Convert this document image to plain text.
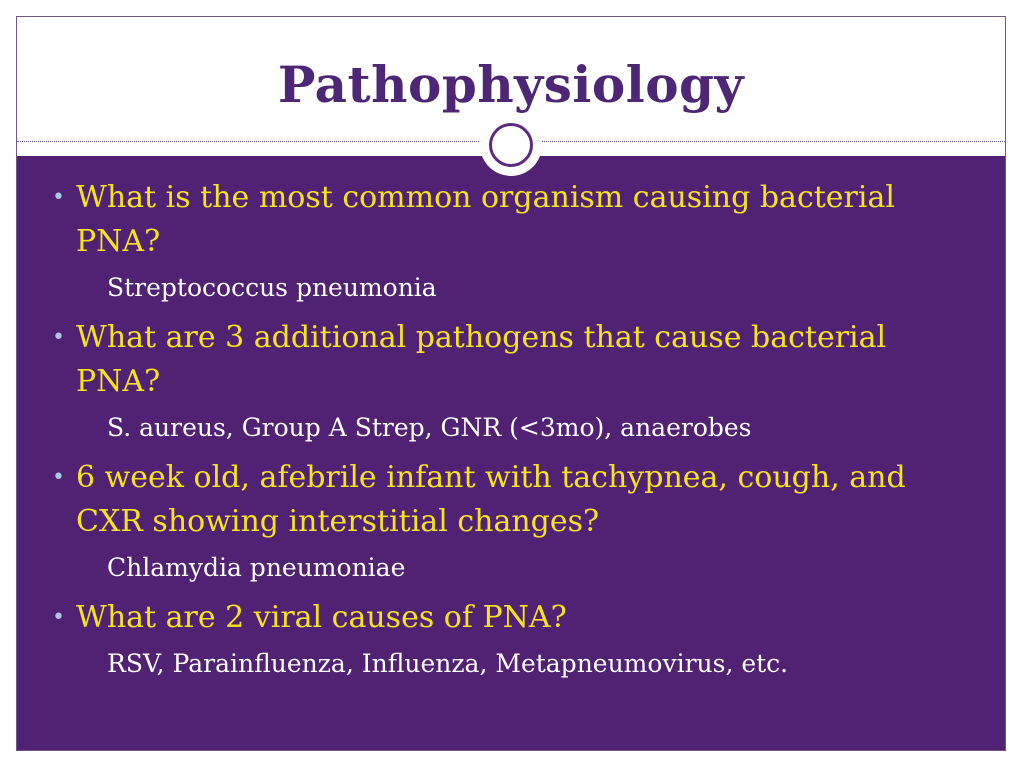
Pathophysiology

• What is the most common organism causing bacterial PNA?

Streptococcus pneumonia

• What are 3 additional pathogens that cause bacterial PNA?

S. aureus, Group A Strep, GNR (<3mo), anaerobes

• 6 week old, afebrile infant with tachypnea, cough, and CXR showing interstitial changes?

Chlamydia pneumoniae

• What are 2 viral causes of PNA?

RSV, Parainfluenza, Influenza, Metapneumovirus, etc.
